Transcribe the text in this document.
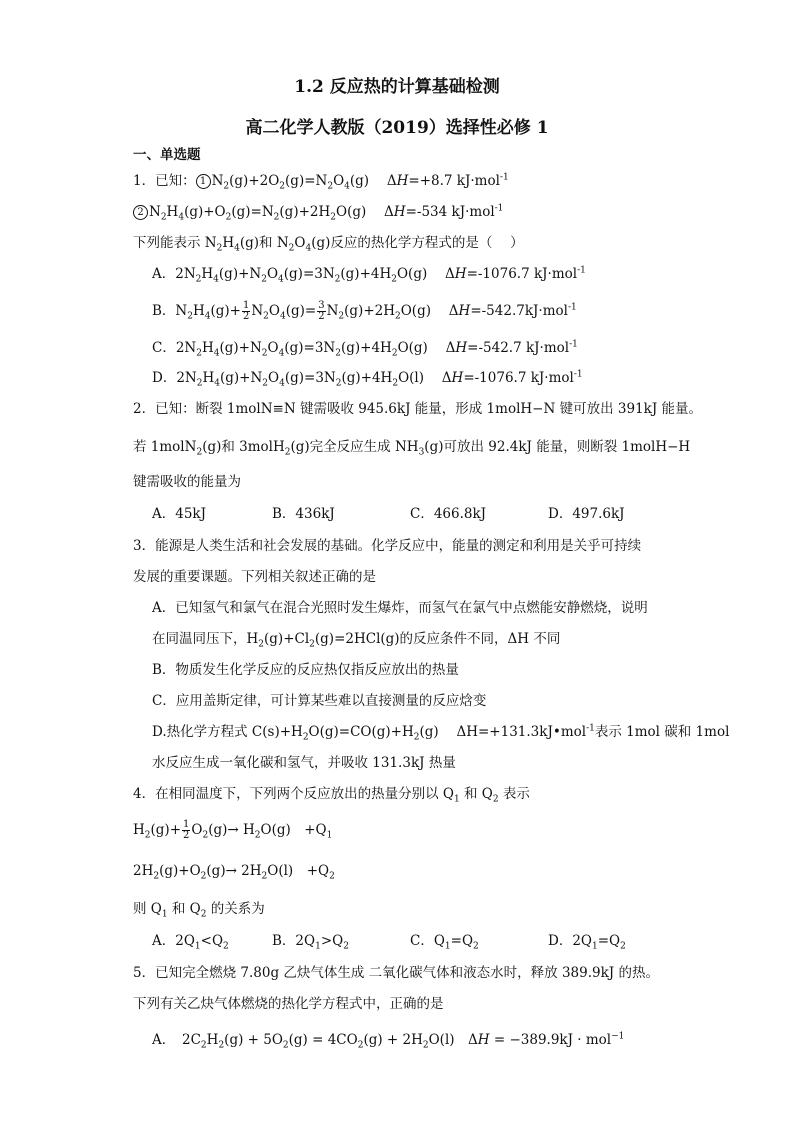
1.2 反应热的计算基础检测
高二化学人教版（2019）选择性必修 1
一、单选题
1．已知： 1 $N_2(g)+2O_2(g)=N_2O_4(g)$　 ΔH=+8.7 kJ·mol$^{-1}$
2 $N_2H_4(g)+O_2(g)=N_2(g)+2H_2O(g)$　 ΔH=-534 kJ·mol$^{-1}$
下列能表示 $N_2H_4(g)$和 $N_2O_4(g)$反应的热化学方程式的是（　 ）
A．$2N_2H_4(g)+N_2O_4(g)=3N_2(g)+4H_2O(g)$　 ΔH=-1076.7 kJ·mol$^{-1}$
B．$N_2H_4(g)+ \frac{1}{2} N_2O_4(g)= \frac{3}{2} N_2(g)+2H_2O(g)$　 ΔH=-542.7kJ·mol$^{-1}$
C．$2N_2H_4(g)+N_2O_4(g)=3N_2(g)+4H_2O(g)$　 ΔH=-542.7 kJ·mol$^{-1}$
D．$2N_2H_4(g)+N_2O_4(g)=3N_2(g)+4H_2O(l)$　 ΔH=-1076.7 kJ·mol$^{-1}$
2．已知：断裂 1molN≡N 键需吸收 945.6kJ 能量，形成 1molH−N 键可放出 391kJ 能量。
若 1molN$_2$(g)和 3molH$_2$(g)完全反应生成 $NH_3(g)$可放出 92.4kJ 能量，则断裂 1molH−H
键需吸收的能量为
A．45kJ	B．436kJ	C．466.8kJ	D．497.6kJ
3．能源是人类生活和社会发展的基础。化学反应中，能量的测定和利用是关乎可持续
发展的重要课题。下列相关叙述正确的是
A．已知氢气和氯气在混合光照时发生爆炸，而氢气在氯气中点燃能安静燃烧，说明
在同温同压下，$H_2(g)+Cl_2(g)=2HCl(g)$的反应条件不同，ΔH 不同
B．物质发生化学反应的反应热仅指反应放出的热量
C．应用盖斯定律，可计算某些难以直接测量的反应焓变
D.热化学方程式 $C(s)+H_2O(g)=CO(g)+H_2(g)$　 ΔH=+131.3kJ•mol$^{-1}$表示 1mol 碳和 1mol
水反应生成一氧化碳和氢气，并吸收 131.3kJ 热量
4．在相同温度下，下列两个反应放出的热量分别以 $Q_1$ 和 $Q_2$ 表示
$H_2(g)+ \frac{1}{2} O_2(g)\to H_2O(g)$　$+Q_1$
$2H_2(g)+O_2(g)\to 2H_2O(l)$　$+Q_2$
则 $Q_1$ 和 $Q_2$ 的关系为
A．$2Q_1<Q_2$	B．$2Q_1>Q_2$	C．$Q_1=Q_2$	D．$2Q_1=Q_2$
5．已知完全燃烧 7.80g 乙炔气体生成 二氧化碳气体和液态水时，释放 389.9kJ 的热。
下列有关乙炔气体燃烧的热化学方程式中，正确的是
A．　$2C_2H_2(g) + 5O_2(g) = 4CO_2(g) + 2H_2O(l)$　ΔH = −389.9kJ · mol$^{-1}$
